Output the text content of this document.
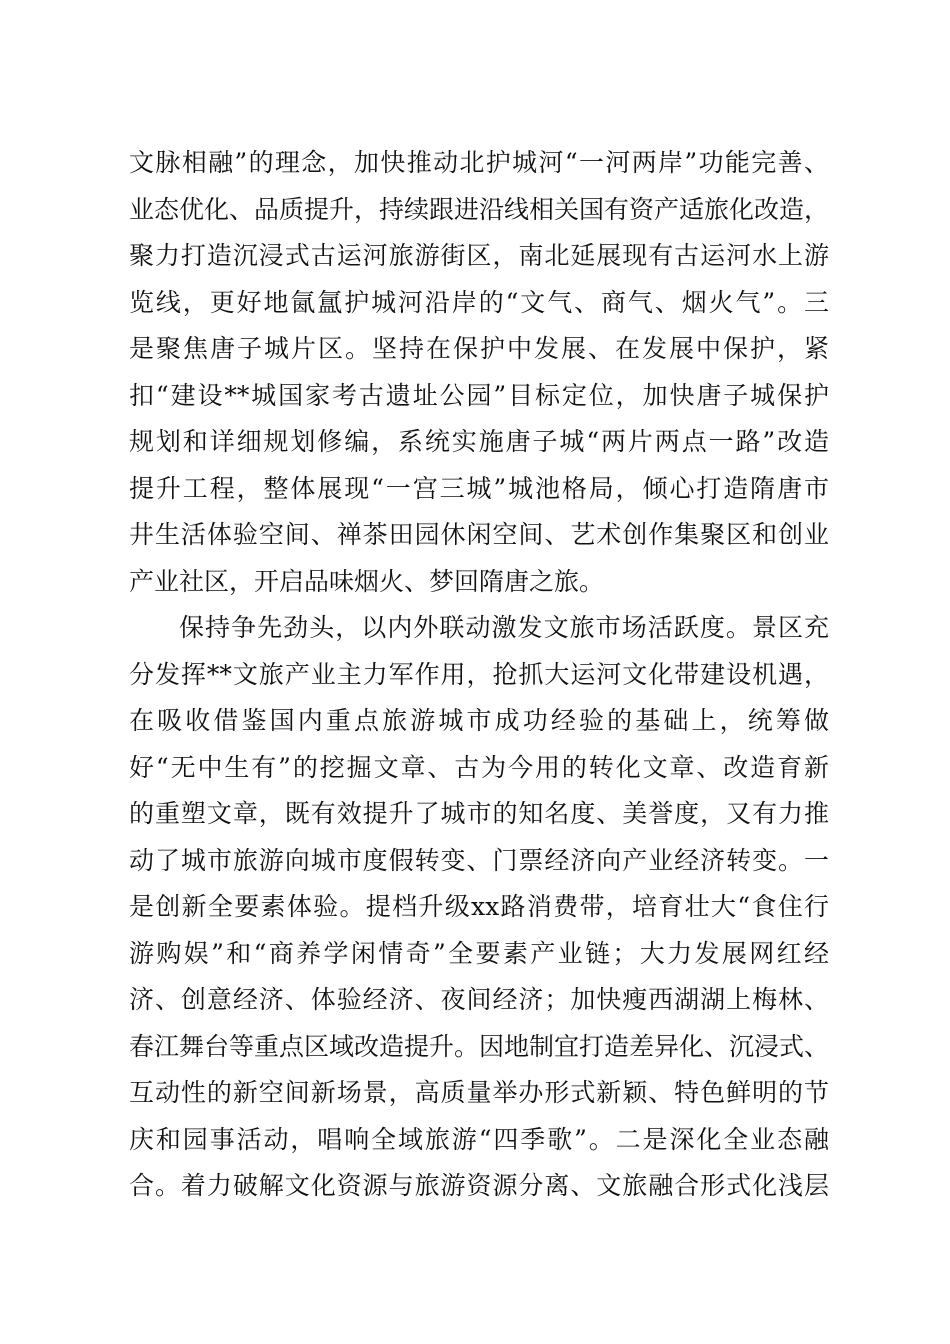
文脉相融”的理念，加快推动北护城河“一河两岸”功能完善、
业态优化、品质提升，持续跟进沿线相关国有资产适旅化改造，
聚力打造沉浸式古运河旅游街区，南北延展现有古运河水上游
览线，更好地氤氲护城河沿岸的“文气、商气、烟火气”。三
是聚焦唐子城片区。坚持在保护中发展、在发展中保护，紧
扣“建设**城国家考古遗址公园”目标定位，加快唐子城保护
规划和详细规划修编，系统实施唐子城“两片两点一路”改造
提升工程，整体展现“一宫三城”城池格局，倾心打造隋唐市
井生活体验空间、禅茶田园休闲空间、艺术创作集聚区和创业
产业社区，开启品味烟火、梦回隋唐之旅。
保持争先劲头，以内外联动激发文旅市场活跃度。景区充
分发挥**文旅产业主力军作用，抢抓大运河文化带建设机遇，
在吸收借鉴国内重点旅游城市成功经验的基础上，统筹做
好“无中生有”的挖掘文章、古为今用的转化文章、改造育新
的重塑文章，既有效提升了城市的知名度、美誉度，又有力推
动了城市旅游向城市度假转变、门票经济向产业经济转变。一
是创新全要素体验。提档升级xx路消费带，培育壮大“食住行
游购娱”和“商养学闲情奇”全要素产业链；大力发展网红经
济、创意经济、体验经济、夜间经济；加快瘦西湖湖上梅林、
春江舞台等重点区域改造提升。因地制宜打造差异化、沉浸式、
互动性的新空间新场景，高质量举办形式新颖、特色鲜明的节
庆和园事活动，唱响全域旅游“四季歌”。二是深化全业态融
合。着力破解文化资源与旅游资源分离、文旅融合形式化浅层
